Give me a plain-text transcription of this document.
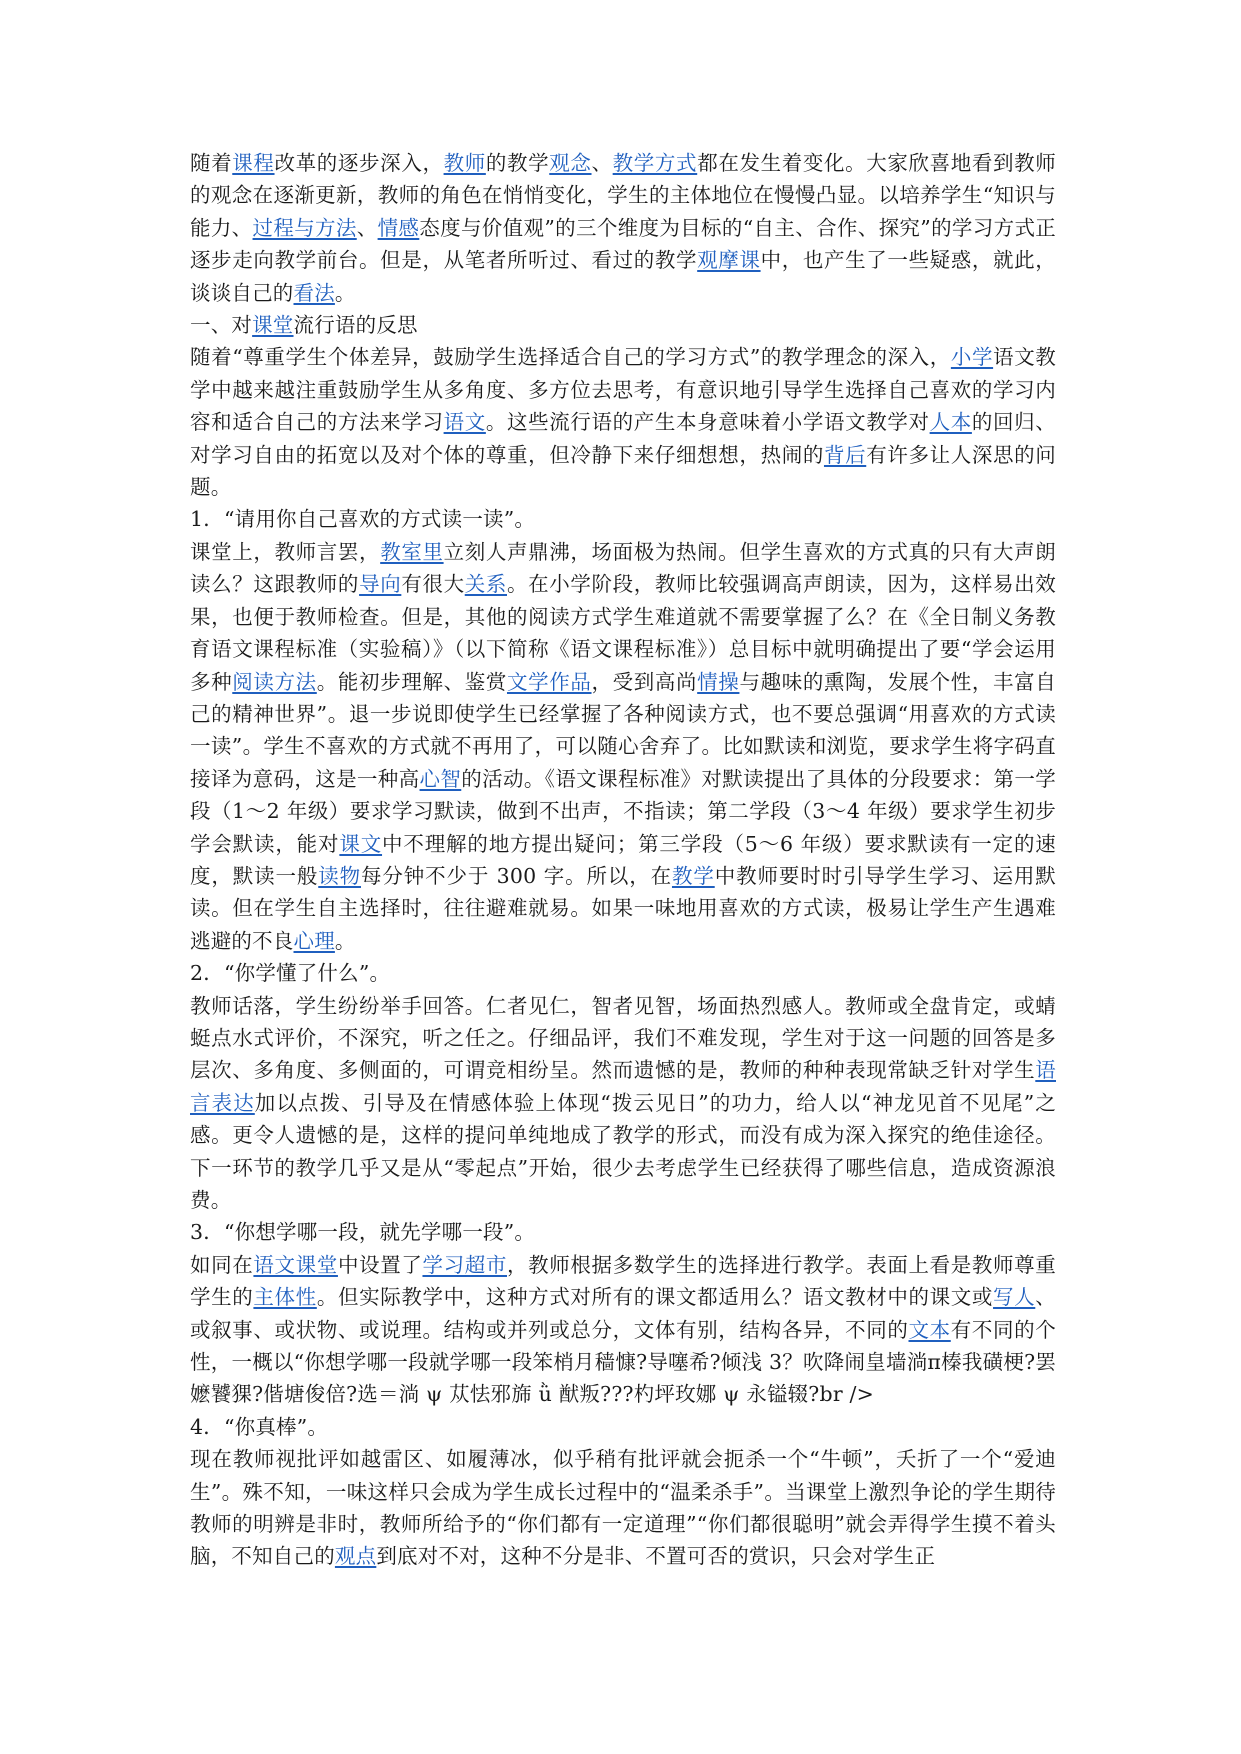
随着课程改革的逐步深入，教师的教学观念、教学方式都在发生着变化。大家欣喜地看到教师的观念在逐渐更新，教师的角色在悄悄变化，学生的主体地位在慢慢凸显。以培养学生“知识与能力、过程与方法、情感态度与价值观”的三个维度为目标的“自主、合作、探究”的学习方式正逐步走向教学前台。但是，从笔者所听过、看过的教学观摩课中，也产生了一些疑惑，就此，谈谈自己的看法。
一、对课堂流行语的反思
随着“尊重学生个体差异，鼓励学生选择适合自己的学习方式”的教学理念的深入，小学语文教学中越来越注重鼓励学生从多角度、多方位去思考，有意识地引导学生选择自己喜欢的学习内容和适合自己的方法来学习语文。这些流行语的产生本身意味着小学语文教学对人本的回归、对学习自由的拓宽以及对个体的尊重，但冷静下来仔细想想，热闹的背后有许多让人深思的问题。
1．“请用你自己喜欢的方式读一读”。
课堂上，教师言罢，教室里立刻人声鼎沸，场面极为热闹。但学生喜欢的方式真的只有大声朗读么？这跟教师的导向有很大关系。在小学阶段，教师比较强调高声朗读，因为，这样易出效果，也便于教师检查。但是，其他的阅读方式学生难道就不需要掌握了么？在《全日制义务教育语文课程标准（实验稿）》（以下简称《语文课程标准》）总目标中就明确提出了要“学会运用多种阅读方法。能初步理解、鉴赏文学作品，受到高尚情操与趣味的熏陶，发展个性，丰富自己的精神世界”。退一步说即使学生已经掌握了各种阅读方式，也不要总强调“用喜欢的方式读一读”。学生不喜欢的方式就不再用了，可以随心舍弃了。比如默读和浏览，要求学生将字码直接译为意码，这是一种高心智的活动。《语文课程标准》对默读提出了具体的分段要求：第一学段（1～2 年级）要求学习默读，做到不出声，不指读；第二学段（3～4 年级）要求学生初步学会默读，能对课文中不理解的地方提出疑问；第三学段（5～6 年级）要求默读有一定的速度，默读一般读物每分钟不少于 300 字。所以，在教学中教师要时时引导学生学习、运用默读。但在学生自主选择时，往往避难就易。如果一味地用喜欢的方式读，极易让学生产生遇难逃避的不良心理。
2．“你学懂了什么”。
教师话落，学生纷纷举手回答。仁者见仁，智者见智，场面热烈感人。教师或全盘肯定，或蜻蜓点水式评价，不深究，听之任之。仔细品评，我们不难发现，学生对于这一问题的回答是多层次、多角度、多侧面的，可谓竞相纷呈。然而遗憾的是，教师的种种表现常缺乏针对学生语言表达加以点拨、引导及在情感体验上体现“拨云见日”的功力，给人以“神龙见首不见尾”之感。更令人遗憾的是，这样的提问单纯地成了教学的形式，而没有成为深入探究的绝佳途径。下一环节的教学几乎又是从“零起点”开始，很少去考虑学生已经获得了哪些信息，造成资源浪费。
3．“你想学哪一段，就先学哪一段”。
如同在语文课堂中设置了学习超市，教师根据多数学生的选择进行教学。表面上看是教师尊重学生的主体性。但实际教学中，这种方式对所有的课文都适用么？语文教材中的课文或写人、或叙事、或状物、或说理。结构或并列或总分，文体有别，结构各异，不同的文本有不同的个性，一概以“你想学哪一段就学哪一段笨梢月穑慷?导噻希?倾浅 3？吹降闹皇墙淌π榛我磺梗?罢嬷饕猓?偕塘俊倍?选＝淌 ψ 苁怯邪旆 ǜ 猷叛???杓坪玫娜 ψ 永镒辍?br />
4．“你真棒”。
现在教师视批评如越雷区、如履薄冰，似乎稍有批评就会扼杀一个“牛顿”，夭折了一个“爱迪生”。殊不知，一味这样只会成为学生成长过程中的“温柔杀手”。当课堂上激烈争论的学生期待教师的明辨是非时，教师所给予的“你们都有一定道理”“你们都很聪明”就会弄得学生摸不着头脑，不知自己的观点到底对不对，这种不分是非、不置可否的赏识，只会对学生正
